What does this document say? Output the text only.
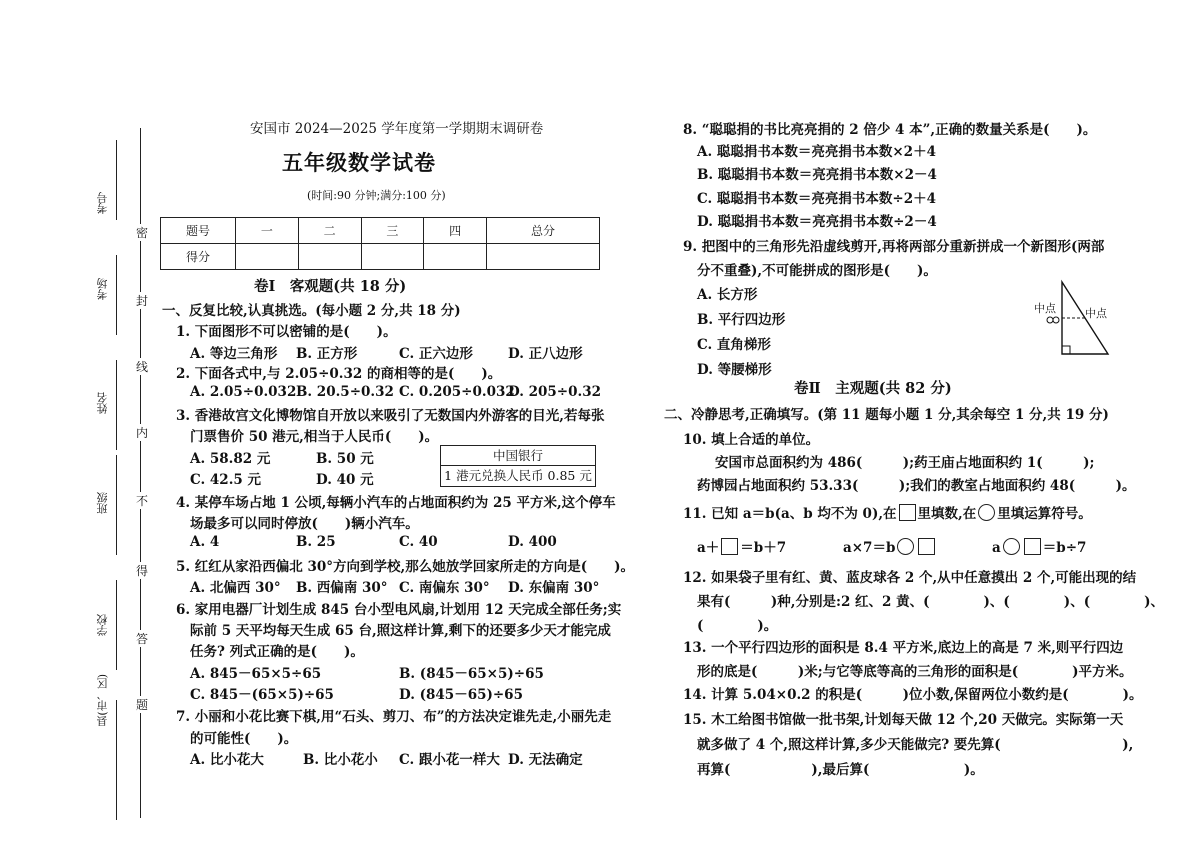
考号
考场
姓名
班级
学校
县(市、区)
密
封
线
内
不
得
答
题
安国市 2024—2025 学年度第一学期期末调研卷
五年级数学试卷
(时间:90 分钟;满分:100 分)
题号	一	二	三	四	总分
得分					
卷Ⅰ　客观题(共 18 分)
一、反复比较,认真挑选。(每小题 2 分,共 18 分)
1. 下面图形不可以密铺的是(　　)。
A. 等边三角形 B. 正方形	C. 正六边形	D. 正八边形
2. 下面各式中,与 2.05÷0.32 的商相等的是(　　)。
A. 2.05÷0.032 B. 20.5÷0.32 C. 0.205÷0.032
D. 205÷0.32
3. 香港故宫文化博物馆自开放以来吸引了无数国内外游客的目光,若每张
门票售价 50 港元,相当于人民币(　　)。
A. 58.82 元	B. 50 元
C. 42.5 元	D. 40 元
中国银行
1 港元兑换人民币 0.85 元
4. 某停车场占地 1 公顷,每辆小汽车的占地面积约为 25 平方米,这个停车
场最多可以同时停放(　　)辆小汽车。
A. 4	B. 25	C. 40	D. 400
5. 红红从家沿西偏北 30°方向到学校,那么她放学回家所走的方向是(　　)。
A. 北偏西 30° B. 西偏南 30° C. 南偏东 30° D. 东偏南 30°
6. 家用电器厂计划生成 845 台小型电风扇,计划用 12 天完成全部任务;实
际前 5 天平均每天生成 65 台,照这样计算,剩下的还要多少天才能完成
任务? 列式正确的是(　　)。
A. 845－65×5÷65	B. (845－65×5)÷65
C. 845－(65×5)÷65	D. (845－65)÷65
7. 小丽和小花比赛下棋,用“石头、剪刀、布”的方法决定谁先走,小丽先走
的可能性(　　)。
A. 比小花大	B. 比小花小 C. 跟小花一样大 D. 无法确定
8. “聪聪捐的书比亮亮捐的 2 倍少 4 本”,正确的数量关系是(　　)。
A. 聪聪捐书本数＝亮亮捐书本数×2＋4
B. 聪聪捐书本数＝亮亮捐书本数×2－4
C. 聪聪捐书本数＝亮亮捐书本数÷2＋4
D. 聪聪捐书本数＝亮亮捐书本数÷2－4
9. 把图中的三角形先沿虚线剪开,再将两部分重新拼成一个新图形(两部
分不重叠),不可能拼成的图形是(　　)。
A. 长方形
B. 平行四边形
C. 直角梯形
D. 等腰梯形
中点	中点
卷Ⅱ　主观题(共 82 分)
二、冷静思考,正确填写。(第 11 题每小题 1 分,其余每空 1 分,共 19 分)
10. 填上合适的单位。
安国市总面积约为 486(　　　);药王庙占地面积约 1(　　　);
药博园占地面积约 53.33(　　　);我们的教室占地面积约 48(　　　)。
11. 已知 a＝b(a、b 均不为 0),在 里填数,在 里填运算符号。
a＋ ＝b＋7	a×7＝b	a	＝b÷7
12. 如果袋子里有红、黄、蓝皮球各 2 个,从中任意摸出 2 个,可能出现的结
果有(　　　)种,分别是:2 红、2 黄、(　　　　)、(　　　　)、(　　　　)、
(　　　　)。
13. 一个平行四边形的面积是 8.4 平方米,底边上的高是 7 米,则平行四边
形的底是(　　　)米;与它等底等高的三角形的面积是(　　　　)平方米。
14. 计算 5.04×0.2 的积是(　　　)位小数,保留两位小数约是(　　　　)。
15. 木工给图书馆做一批书架,计划每天做 12 个,20 天做完。实际第一天
就多做了 4 个,照这样计算,多少天能做完? 要先算(　　　　　　　　　),
再算(　　　　　　),最后算(　　　　　　　)。
